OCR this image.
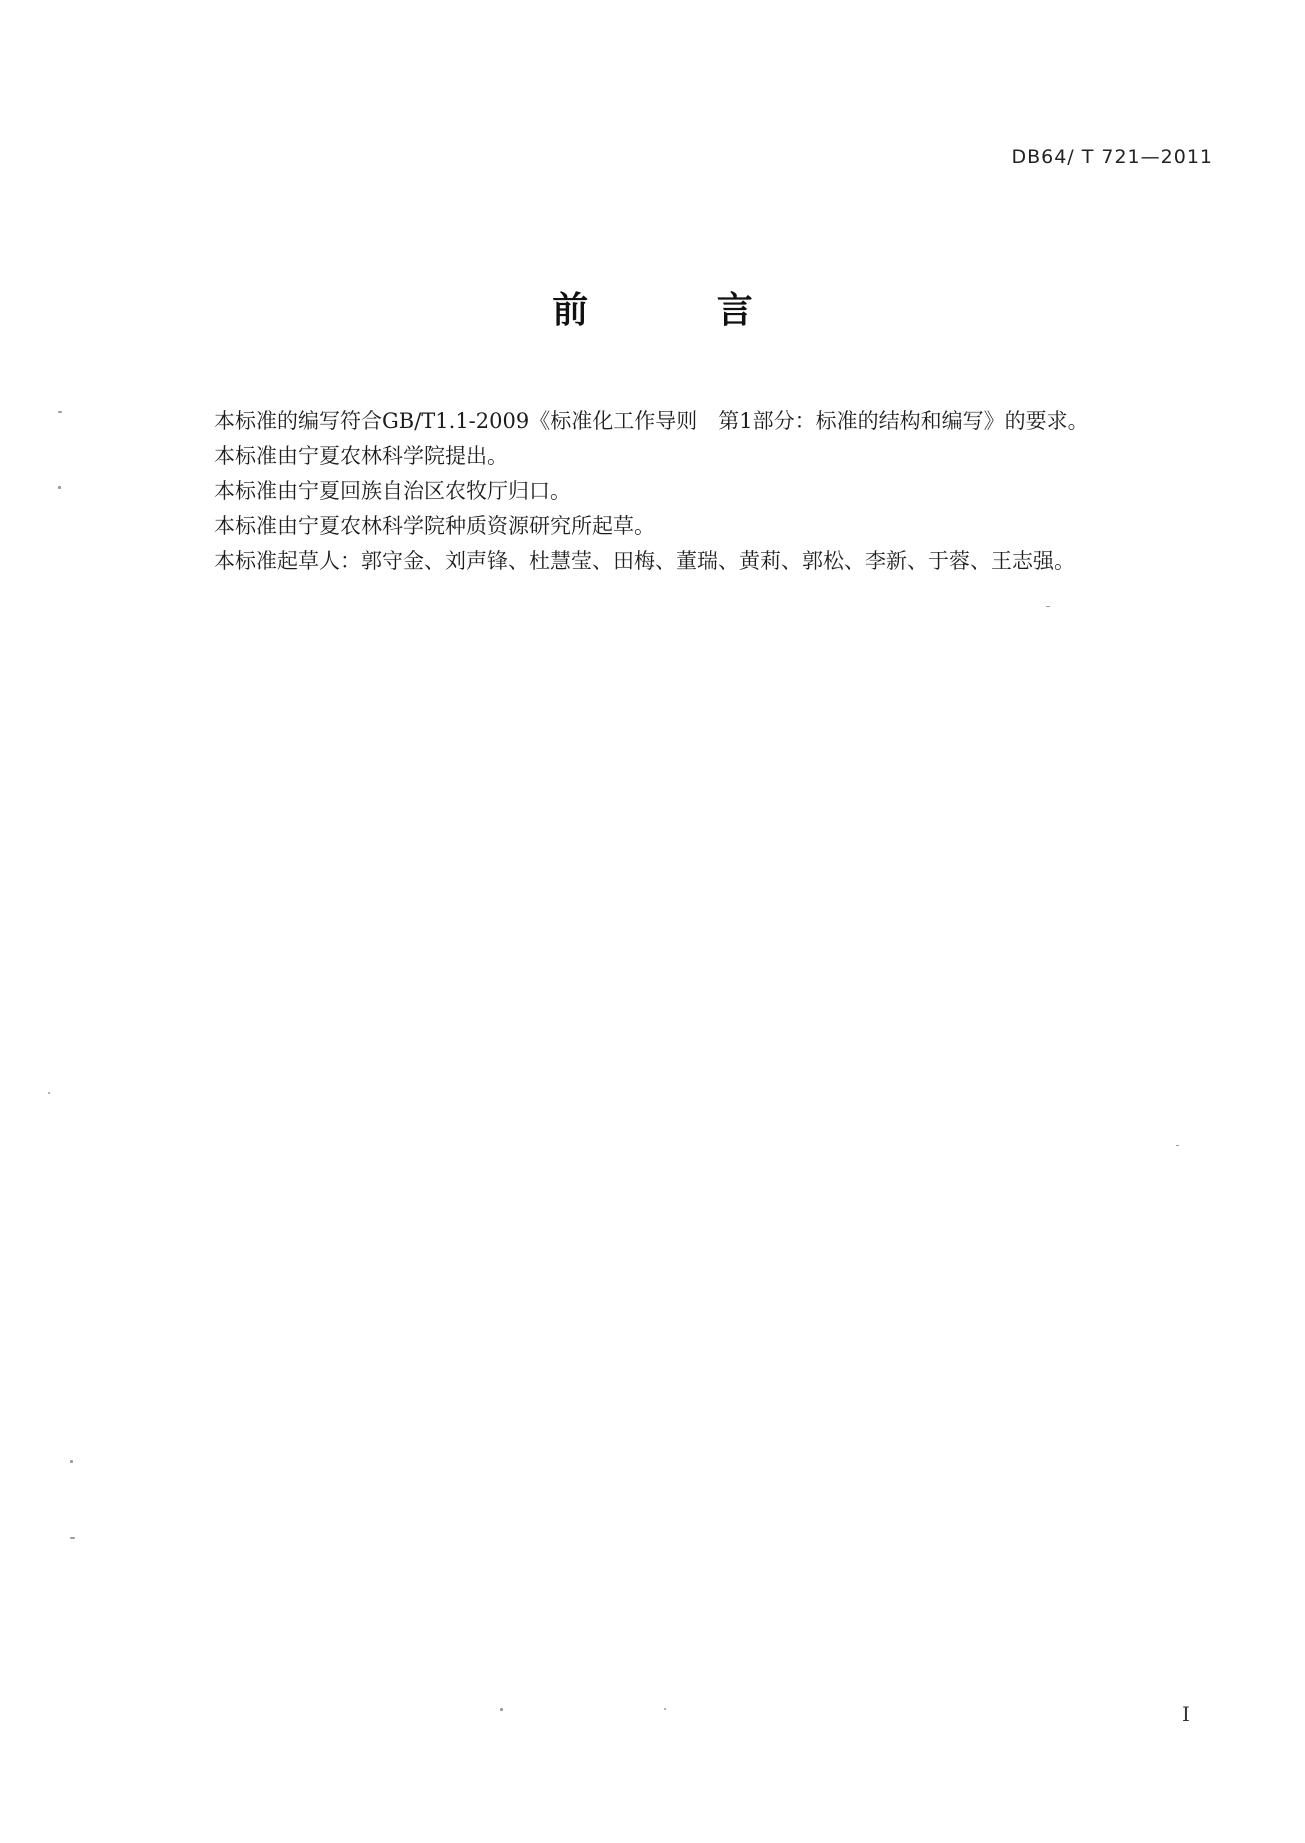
DB64/ T 721—2011
前 言

本标准的编写符合GB/T1.1-2009《标准化工作导则　第1部分：标准的结构和编写》的要求。

本标准由宁夏农林科学院提出。

本标准由宁夏回族自治区农牧厅归口。

本标准由宁夏农林科学院种质资源研究所起草。

本标准起草人：郭守金、刘声锋、杜慧莹、田梅、董瑞、黄莉、郭松、李新、于蓉、王志强。

I
